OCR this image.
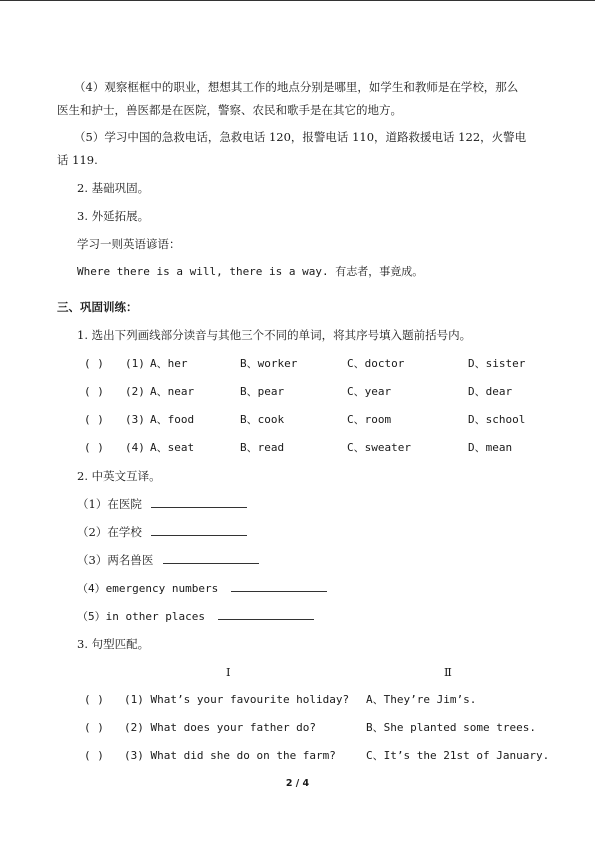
（4）观察框框中的职业，想想其工作的地点分别是哪里，如学生和教师是在学校，那么
医生和护士，兽医都是在医院，警察、农民和歌手是在其它的地方。
（5）学习中国的急救电话，急救电话 120，报警电话 110，道路救援电话 122，火警电
话 119.
2. 基础巩固。
3. 外延拓展。
学习一则英语谚语：
Where there is a will, there is a way. 有志者，事竟成。
三、巩固训练：
1. 选出下列画线部分读音与其他三个不同的单词，将其序号填入题前括号内。
( ) (1) A、her	B、worker	C、doctor	D、sister
( ) (2) A、near	B、pear	C、year	D、dear
( ) (3) A、food	B、cook	C、room	D、school
( ) (4) A、seat	B、read	C、sweater	D、mean
2. 中英文互译。
（1）在医院
（2）在学校
（3）两名兽医
（4）emergency numbers
（5）in other places
3. 句型匹配。
Ⅰ	Ⅱ
( ) (1) What’s your favourite holiday? A、They’re Jim’s.
( ) (2) What does your father do?	B、She planted some trees.
( ) (3) What did she do on the farm?	C、It’s the 21st of January.
2 / 4
